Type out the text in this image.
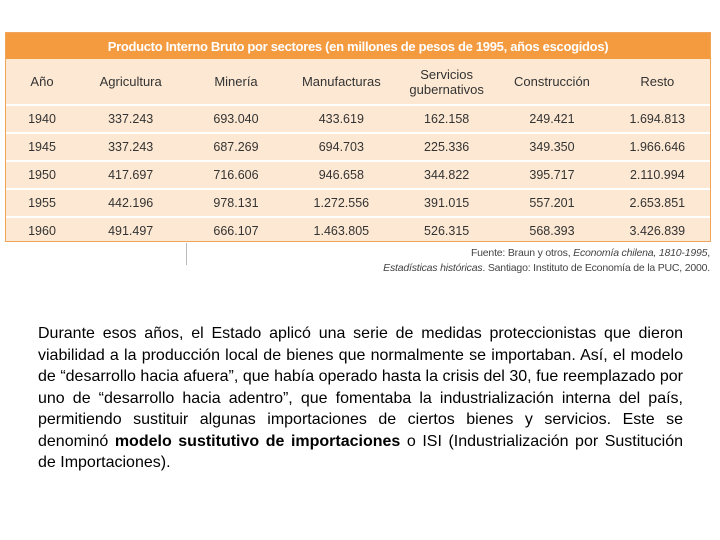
Producto Interno Bruto por sectores (en millones de pesos de 1995, años escogidos)
Año	Agricultura	Minería	Manufacturas	Servicios gubernativos	Construcción	Resto
1940	337.243	693.040	433.619	162.158	249.421	1.694.813
1945	337.243	687.269	694.703	225.336	349.350	1.966.646
1950	417.697	716.606	946.658	344.822	395.717	2.110.994
1955	442.196	978.131	1.272.556	391.015	557.201	2.653.851
1960	491.497	666.107	1.463.805	526.315	568.393	3.426.839
Fuente: Braun y otros, Economía chilena, 1810-1995,
Estadísticas históricas. Santiago: Instituto de Economía de la PUC, 2000.

Durante esos años, el Estado aplicó una serie de medidas proteccionistas que dieron viabilidad a la producción local de bienes que normalmente se importaban. Así, el modelo de “desarrollo hacia afuera”, que había operado hasta la crisis del 30, fue reemplazado por uno de “desarrollo hacia adentro”, que fomentaba la industrialización interna del país, permitiendo sustituir algunas importaciones de ciertos bienes y servicios. Este se denominó modelo sustitutivo de importaciones o ISI (Industrialización por Sustitución de Importaciones).
